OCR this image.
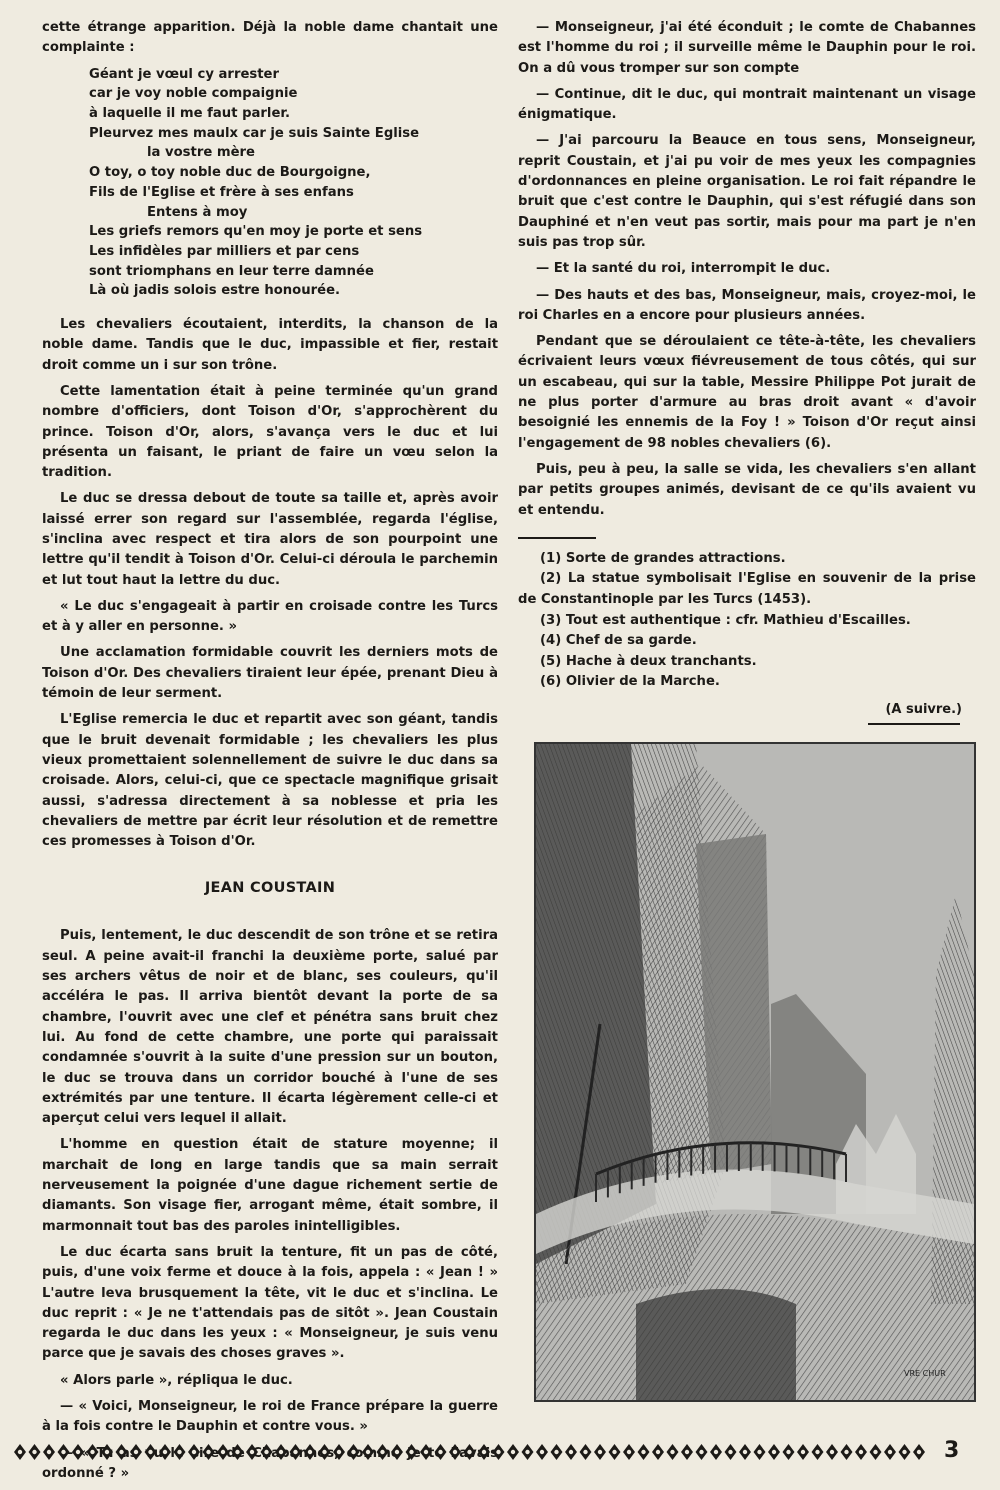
cette étrange apparition. Déjà la noble dame chantait une complainte :

Géant je vœul cy arrester
car je voy noble compaignie
à laquelle il me faut parler.
Pleurvez mes maulx car je suis Sainte Eglise
la vostre mère
O toy, o toy noble duc de Bourgoigne,
Fils de l'Eglise et frère à ses enfans
Entens à moy
Les griefs remors qu'en moy je porte et sens
Les infidèles par milliers et par cens
sont triomphans en leur terre damnée
Là où jadis solois estre honourée.

Les chevaliers écoutaient, interdits, la chanson de la noble dame. Tandis que le duc, impassible et fier, restait droit comme un i sur son trône.

Cette lamentation était à peine terminée qu'un grand nombre d'officiers, dont Toison d'Or, s'approchèrent du prince. Toison d'Or, alors, s'avança vers le duc et lui présenta un faisant, le priant de faire un vœu selon la tradition.

Le duc se dressa debout de toute sa taille et, après avoir laissé errer son regard sur l'assemblée, regarda l'église, s'inclina avec respect et tira alors de son pourpoint une lettre qu'il tendit à Toison d'Or. Celui-ci déroula le parchemin et lut tout haut la lettre du duc.

« Le duc s'engageait à partir en croisade contre les Turcs et à y aller en personne. »

Une acclamation formidable couvrit les derniers mots de Toison d'Or. Des chevaliers tiraient leur épée, prenant Dieu à témoin de leur serment.

L'Eglise remercia le duc et repartit avec son géant, tandis que le bruit devenait formidable ; les chevaliers les plus vieux promettaient solennellement de suivre le duc dans sa croisade. Alors, celui-ci, que ce spectacle magnifique grisait aussi, s'adressa directement à sa noblesse et pria les chevaliers de mettre par écrit leur résolution et de remettre ces promesses à Toison d'Or.

JEAN COUSTAIN

Puis, lentement, le duc descendit de son trône et se retira seul. A peine avait-il franchi la deuxième porte, salué par ses archers vêtus de noir et de blanc, ses couleurs, qu'il accéléra le pas. Il arriva bientôt devant la porte de sa chambre, l'ouvrit avec une clef et pénétra sans bruit chez lui. Au fond de cette chambre, une porte qui paraissait condamnée s'ouvrit à la suite d'une pression sur un bouton, le duc se trouva dans un corridor bouché à l'une de ses extrémités par une tenture. Il écarta légèrement celle-ci et aperçut celui vers lequel il allait.

L'homme en question était de stature moyenne; il marchait de long en large tandis que sa main serrait nerveusement la poignée d'une dague richement sertie de diamants. Son visage fier, arrogant même, était sombre, il marmonnait tout bas des paroles inintelligibles.

Le duc écarta sans bruit la tenture, fit un pas de côté, puis, d'une voix ferme et douce à la fois, appela : « Jean ! » L'autre leva brusquement la tête, vit le duc et s'inclina. Le duc reprit : « Je ne t'attendais pas de sitôt ». Jean Coustain regarda le duc dans les yeux : « Monseigneur, je suis venu parce que je savais des choses graves ».

« Alors parle », répliqua le duc.

— « Voici, Monseigneur, le roi de France prépare la guerre à la fois contre le Dauphin et contre vous. »

« as ordonné ? »

— Monseigneur, j'ai été éconduit ; le comte de Chabannes est l'homme du roi ; il surveille même le Dauphin pour le roi. On a dû vous tromper sur son compte

— Continue, dit le duc, qui montrait maintenant un visage énigmatique.

— J'ai parcouru la Beauce en tous sens, Monseigneur, reprit Coustain, et j'ai pu voir de mes yeux les compagnies d'ordonnances en pleine organisation. Le roi fait répandre le bruit que c'est contre le Dauphin, qui s'est réfugié dans son Dauphiné et n'en veut pas sortir, mais pour ma part je n'en suis pas trop sûr.

— Et la santé du roi, interrompit le duc.

— Des hauts et des bas, Monseigneur, mais, croyez-moi, le roi Charles en a encore pour plusieurs années.

Pendant que se déroulaient ce tête-à-tête, les chevaliers écrivaient leurs vœux fiévreusement de tous côtés, qui sur un escabeau, qui sur la table, Messire Philippe Pot jurait de ne plus porter d'armure au bras droit avant « d'avoir besoignié les ennemis de la Foy ! » Toison d'Or reçut ainsi l'engagement de 98 nobles chevaliers (6).

Puis, peu à peu, la salle se vida, les chevaliers s'en allant par petits groupes animés, devisant de ce qu'ils avaient vu et entendu.

(1) Sorte de grandes attractions.

(2) La statue symbolisait l'Eglise en souvenir de la prise de Constantinople par les Turcs (1453).

(3) Tout est authentique : cfr. Mathieu d'Escailles.

(4) Chef de sa garde.

(5) Hache à deux tranchants.

(6) Olivier de la Marche.

(A suivre.)
VRE CHUR
3
